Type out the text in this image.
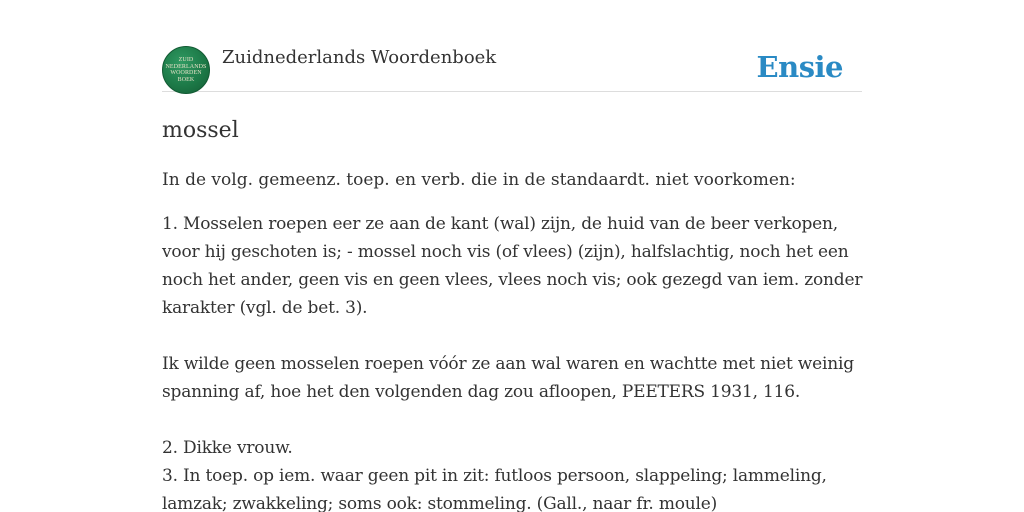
ZUID
NEDERLANDS
WOORDEN
BOEK
Zuidnederlands Woordenboek	Ensie
mossel

In de volg. gemeenz. toep. en verb. die in de standaardt. niet voorkomen:

1. Mosselen roepen eer ze aan de kant (wal) zijn, de huid van de beer verkopen,
voor hij geschoten is; - mossel noch vis (of vlees) (zijn), halfslachtig, noch het een
noch het ander, geen vis en geen vlees, vlees noch vis; ook gezegd van iem. zonder
karakter (vgl. de bet. 3).
Ik wilde geen mosselen roepen vóór ze aan wal waren en wachtte met niet weinig
spanning af, hoe het den volgenden dag zou afloopen, PEETERS 1931, 116.
2. Dikke vrouw.
3. In toep. op iem. waar geen pit in zit: futloos persoon, slappeling; lammeling,
lamzak; zwakkeling; soms ook: stommeling. (Gall., naar fr. moule)
